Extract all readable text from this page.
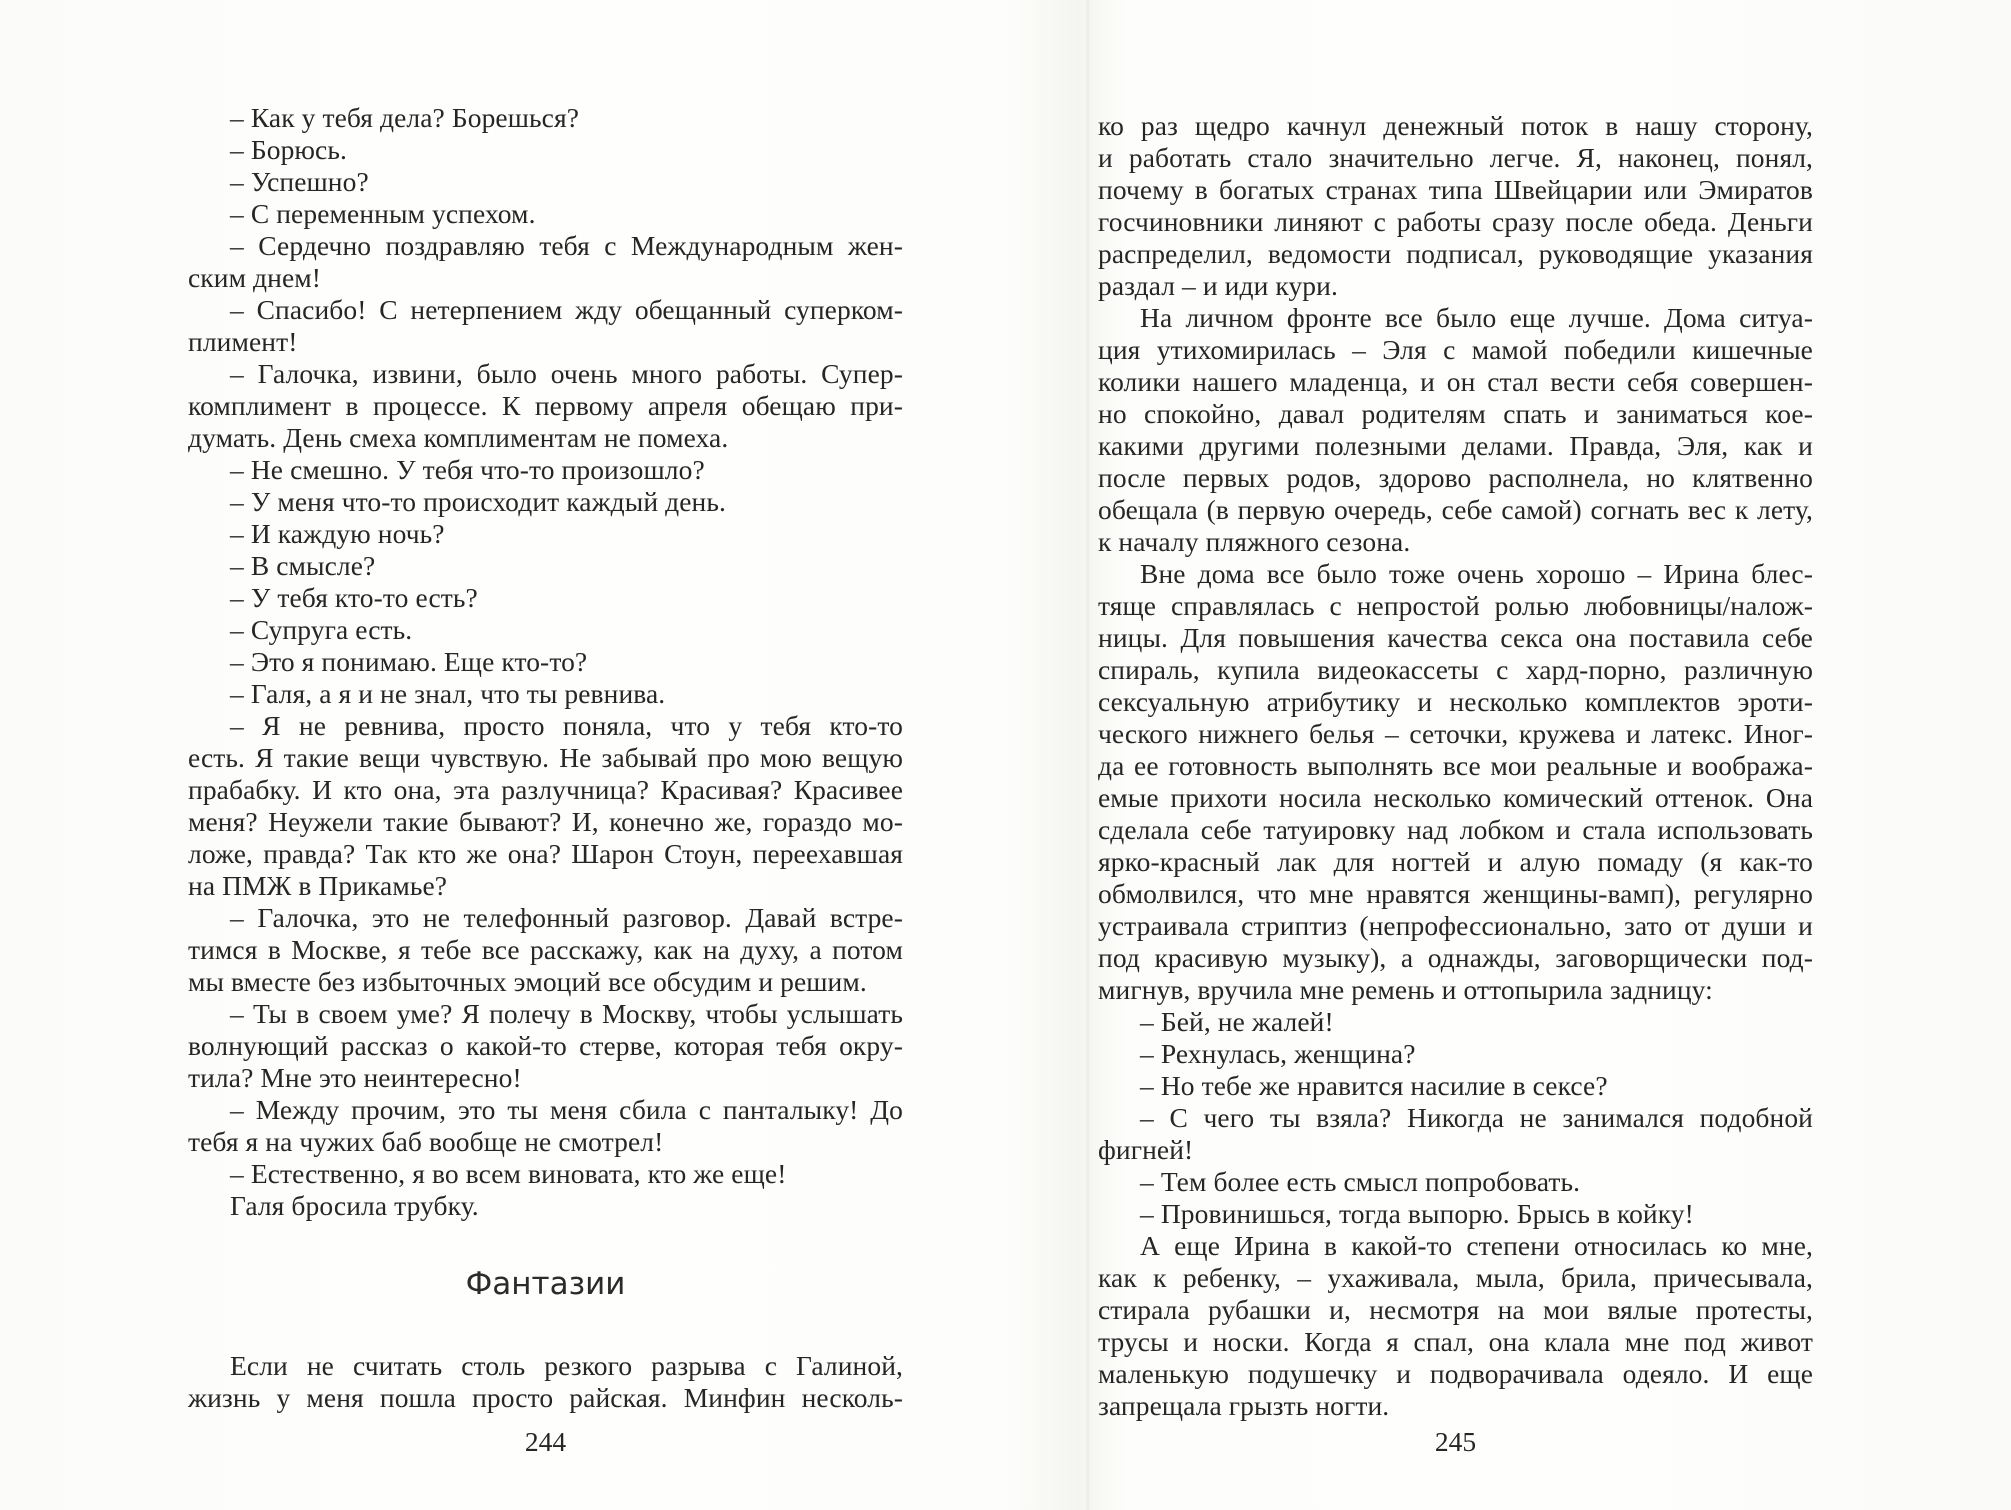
– Как у тебя дела? Борешься?
– Борюсь.
– Успешно?
– С переменным успехом.
– Сердечно поздравляю тебя с Международным жен-
ским днем!
– Спасибо! С нетерпением жду обещанный суперком-
плимент!
– Галочка, извини, было очень много работы. Супер-
комплимент в процессе. К первому апреля обещаю при-
думать. День смеха комплиментам не помеха.
– Не смешно. У тебя что-то произошло?
– У меня что-то происходит каждый день.
– И каждую ночь?
– В смысле?
– У тебя кто-то есть?
– Супруга есть.
– Это я понимаю. Еще кто-то?
– Галя, а я и не знал, что ты ревнива.
– Я не ревнива, просто поняла, что у тебя кто-то
есть. Я такие вещи чувствую. Не забывай про мою вещую
прабабку. И кто она, эта разлучница? Красивая? Красивее
меня? Неужели такие бывают? И, конечно же, гораздо мо-
ложе, правда? Так кто же она? Шарон Стоун, переехавшая
на ПМЖ в Прикамье?
– Галочка, это не телефонный разговор. Давай встре-
тимся в Москве, я тебе все расскажу, как на духу, а потом
мы вместе без избыточных эмоций все обсудим и решим.
– Ты в своем уме? Я полечу в Москву, чтобы услышать
волнующий рассказ о какой-то стерве, которая тебя окру-
тила? Мне это неинтересно!
– Между прочим, это ты меня сбила с панталыку! До
тебя я на чужих баб вообще не смотрел!
– Естественно, я во всем виновата, кто же еще!
Галя бросила трубку.
Фантазии
Если не считать столь резкого разрыва с Галиной,
жизнь у меня пошла просто райская. Минфин несколь-
244
ко раз щедро качнул денежный поток в нашу сторону,
и работать стало значительно легче. Я, наконец, понял,
почему в богатых странах типа Швейцарии или Эмиратов
госчиновники линяют с работы сразу после обеда. Деньги
распределил, ведомости подписал, руководящие указания
раздал – и иди кури.
На личном фронте все было еще лучше. Дома ситуа-
ция утихомирилась – Эля с мамой победили кишечные
колики нашего младенца, и он стал вести себя совершен-
но спокойно, давал родителям спать и заниматься кое-
какими другими полезными делами. Правда, Эля, как и
после первых родов, здорово располнела, но клятвенно
обещала (в первую очередь, себе самой) согнать вес к лету,
к началу пляжного сезона.
Вне дома все было тоже очень хорошо – Ирина блес-
тяще справлялась с непростой ролью любовницы/налож-
ницы. Для повышения качества секса она поставила себе
спираль, купила видеокассеты с хард-порно, различную
сексуальную атрибутику и несколько комплектов эроти-
ческого нижнего белья – сеточки, кружева и латекс. Иног-
да ее готовность выполнять все мои реальные и вообража-
емые прихоти носила несколько комический оттенок. Она
сделала себе татуировку над лобком и стала использовать
ярко-красный лак для ногтей и алую помаду (я как-то
обмолвился, что мне нравятся женщины-вамп), регулярно
устраивала стриптиз (непрофессионально, зато от души и
под красивую музыку), а однажды, заговорщически под-
мигнув, вручила мне ремень и оттопырила задницу:
– Бей, не жалей!
– Рехнулась, женщина?
– Но тебе же нравится насилие в сексе?
– С чего ты взяла? Никогда не занимался подобной
фигней!
– Тем более есть смысл попробовать.
– Провинишься, тогда выпорю. Брысь в койку!
А еще Ирина в какой-то степени относилась ко мне,
как к ребенку, – ухаживала, мыла, брила, причесывала,
стирала рубашки и, несмотря на мои вялые протесты,
трусы и носки. Когда я спал, она клала мне под живот
маленькую подушечку и подворачивала одеяло. И еще
запрещала грызть ногти.
245
